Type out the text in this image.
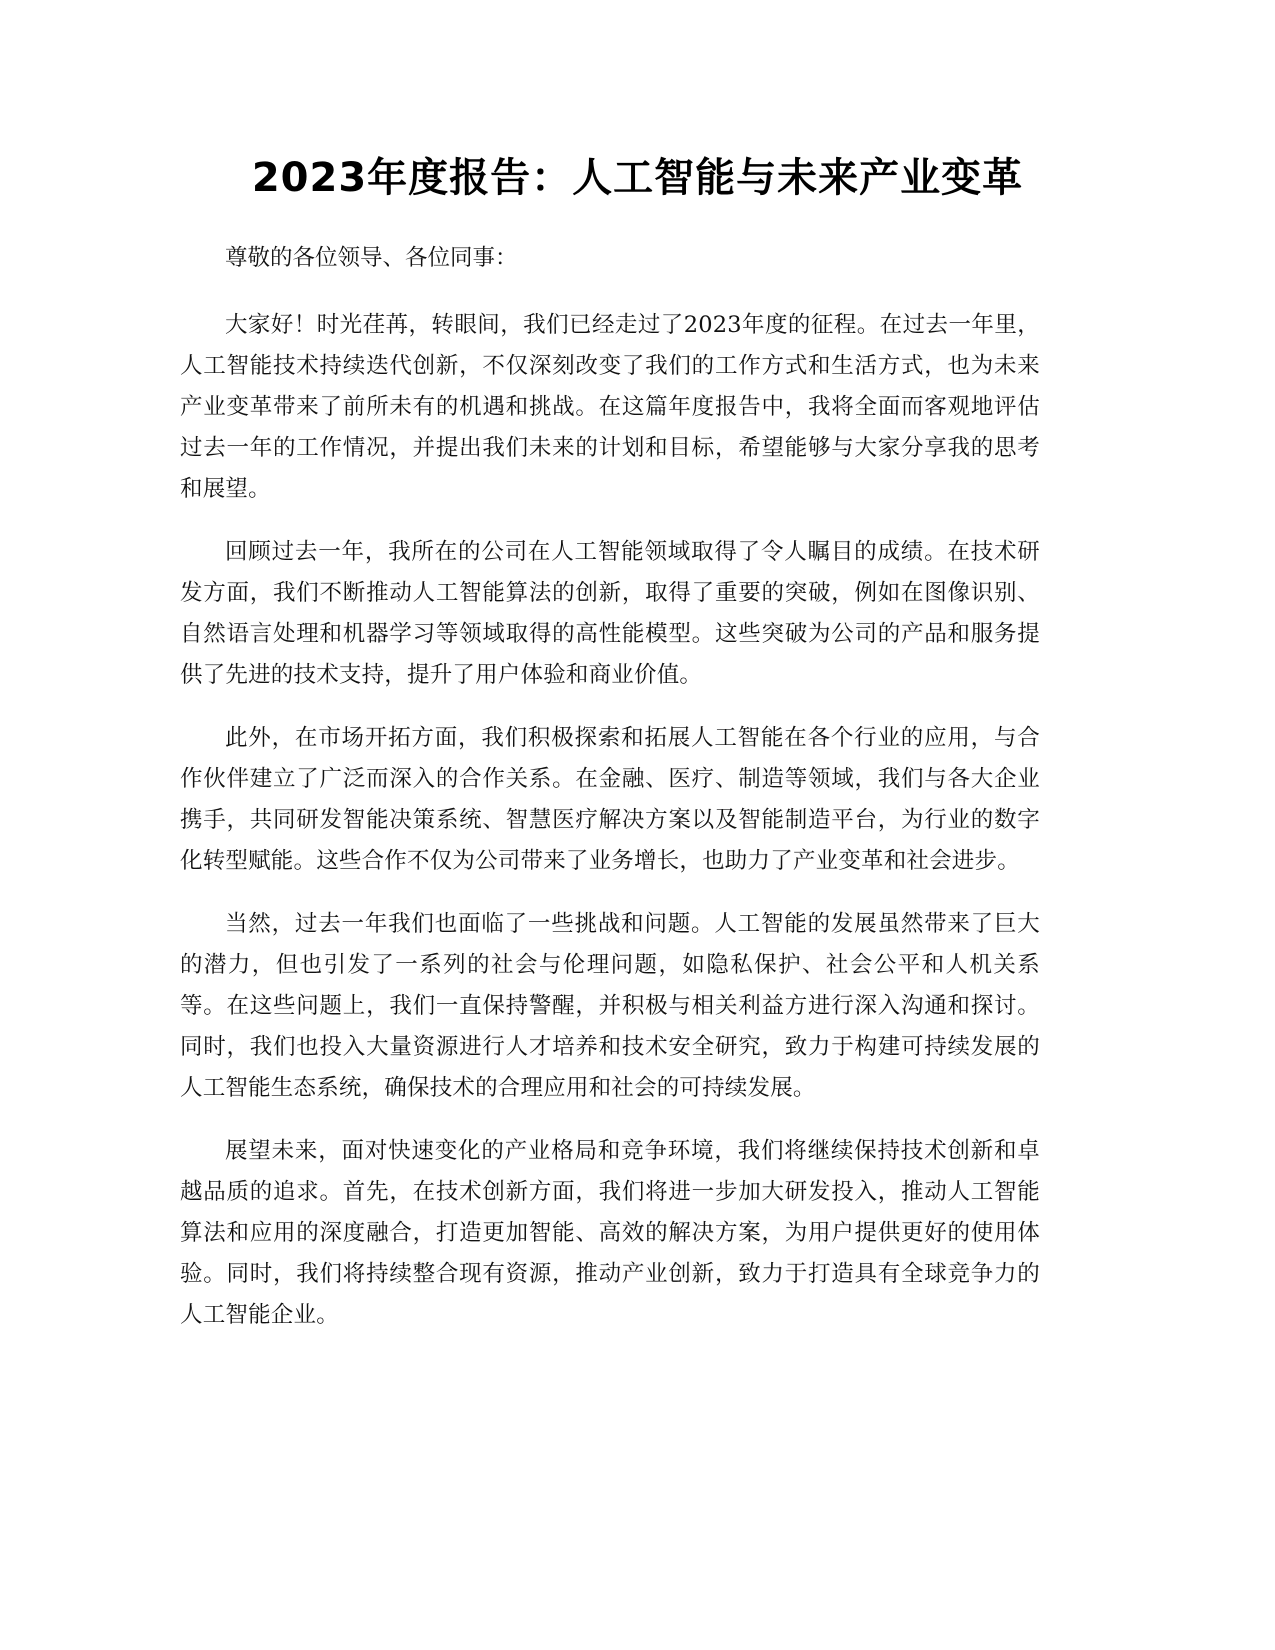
2023年度报告：人工智能与未来产业变革

尊敬的各位领导、各位同事：

大家好！时光荏苒，转眼间，我们已经走过了2023年度的征程。在过去一年里，人工智能技术持续迭代创新，不仅深刻改变了我们的工作方式和生活方式，也为未来产业变革带来了前所未有的机遇和挑战。在这篇年度报告中，我将全面而客观地评估过去一年的工作情况，并提出我们未来的计划和目标，希望能够与大家分享我的思考和展望。

回顾过去一年，我所在的公司在人工智能领域取得了令人瞩目的成绩。在技术研发方面，我们不断推动人工智能算法的创新，取得了重要的突破，例如在图像识别、自然语言处理和机器学习等领域取得的高性能模型。这些突破为公司的产品和服务提供了先进的技术支持，提升了用户体验和商业价值。

此外，在市场开拓方面，我们积极探索和拓展人工智能在各个行业的应用，与合作伙伴建立了广泛而深入的合作关系。在金融、医疗、制造等领域，我们与各大企业携手，共同研发智能决策系统、智慧医疗解决方案以及智能制造平台，为行业的数字化转型赋能。这些合作不仅为公司带来了业务增长，也助力了产业变革和社会进步。

当然，过去一年我们也面临了一些挑战和问题。人工智能的发展虽然带来了巨大的潜力，但也引发了一系列的社会与伦理问题，如隐私保护、社会公平和人机关系等。在这些问题上，我们一直保持警醒，并积极与相关利益方进行深入沟通和探讨。同时，我们也投入大量资源进行人才培养和技术安全研究，致力于构建可持续发展的人工智能生态系统，确保技术的合理应用和社会的可持续发展。

展望未来，面对快速变化的产业格局和竞争环境，我们将继续保持技术创新和卓越品质的追求。首先，在技术创新方面，我们将进一步加大研发投入，推动人工智能算法和应用的深度融合，打造更加智能、高效的解决方案，为用户提供更好的使用体验。同时，我们将持续整合现有资源，推动产业创新，致力于打造具有全球竞争力的人工智能企业。
